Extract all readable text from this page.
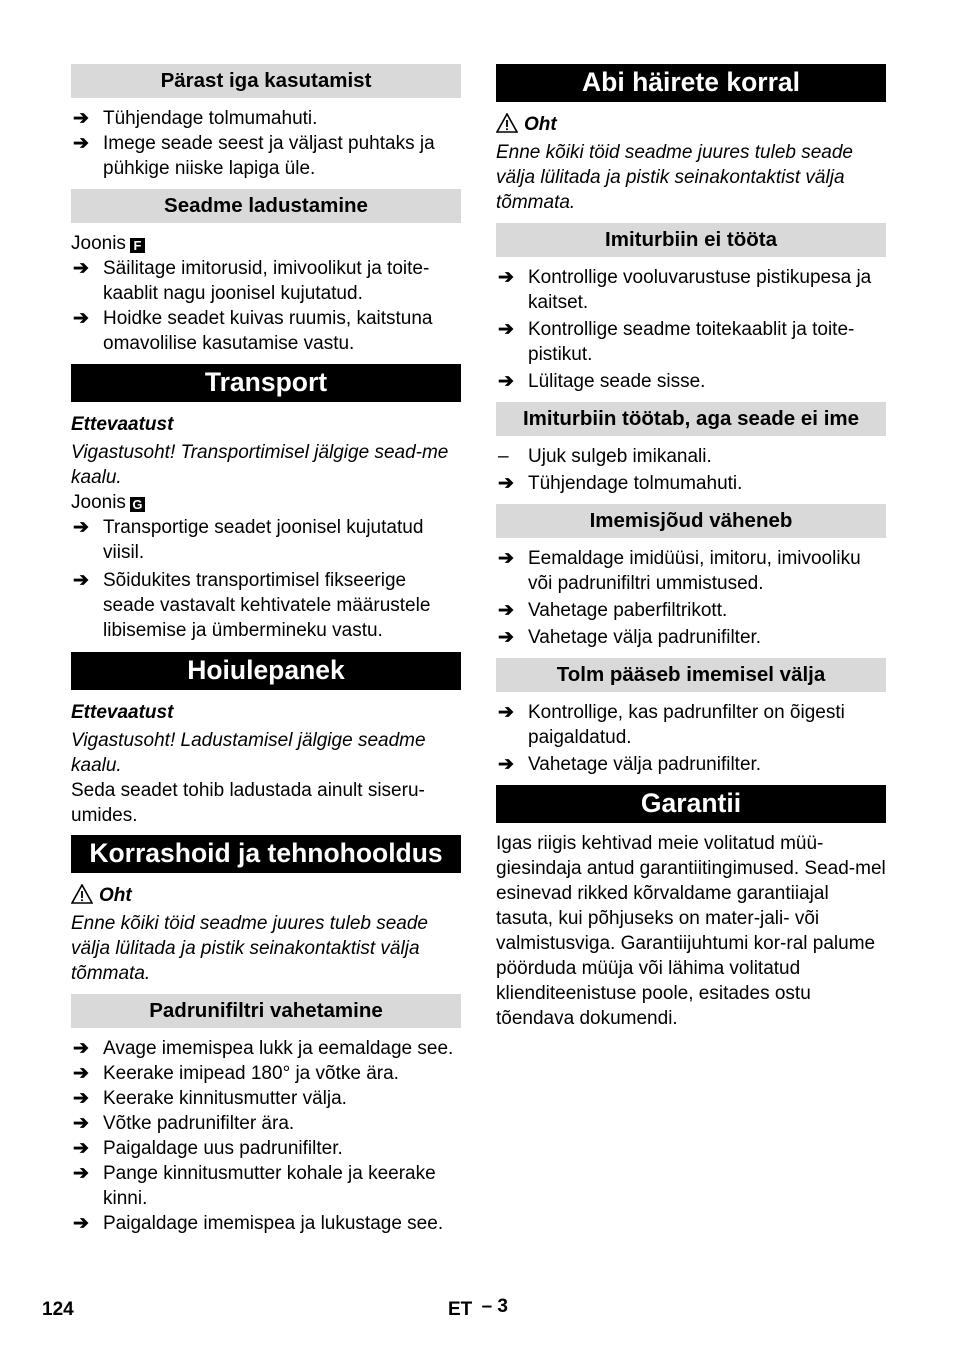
Pärast iga kasutamist
➔ Tühjendage tolmumahuti.
➔ Imege seade seest ja väljast puhtaks ja pühkige niiske lapiga üle.
Seadme ladustamine

Joonis F

➔ Säilitage imitorusid, imivoolikut ja toite-kaablit nagu joonisel kujutatud.
➔ Hoidke seadet kuivas ruumis, kaitstuna omavolilise kasutamise vastu.
Transport

Ettevaatust

Vigastusoht! Transportimisel jälgige sead-me kaalu.

Joonis G

➔ Transportige seadet joonisel kujutatud viisil.
➔ Sõidukites transportimisel fikseerige seade vastavalt kehtivatele määrustele libisemise ja ümbermineku vastu.
Hoiulepanek

Ettevaatust

Vigastusoht! Ladustamisel jälgige seadme kaalu.

Seda seadet tohib ladustada ainult siseru-umides.

Korrashoid ja tehnohooldus

Oht

Enne kõiki töid seadme juures tuleb seade välja lülitada ja pistik seinakontaktist välja tõmmata.

Padrunifiltri vahetamine
➔ Avage imemispea lukk ja eemaldage see.
➔ Keerake imipead 180° ja võtke ära.
➔ Keerake kinnitusmutter välja.
➔ Võtke padrunifilter ära.
➔ Paigaldage uus padrunifilter.
➔ Pange kinnitusmutter kohale ja keerake kinni.
➔ Paigaldage imemispea ja lukustage see.
Abi häirete korral

Oht

Enne kõiki töid seadme juures tuleb seade välja lülitada ja pistik seinakontaktist välja tõmmata.

Imiturbiin ei tööta
➔ Kontrollige vooluvarustuse pistikupesa ja kaitset.
➔ Kontrollige seadme toitekaablit ja toite-pistikut.
➔ Lülitage seade sisse.
Imiturbiin töötab, aga seade ei ime
– Ujuk sulgeb imikanali.
➔ Tühjendage tolmumahuti.
Imemisjõud väheneb
➔ Eemaldage imidüüsi, imitoru, imivooliku või padrunifiltri ummistused.
➔ Vahetage paberfiltrikott.
➔ Vahetage välja padrunifilter.
Tolm pääseb imemisel välja
➔ Kontrollige, kas padrunfilter on õigesti paigaldatud.
➔ Vahetage välja padrunifilter.
Garantii

Igas riigis kehtivad meie volitatud müü-giesindaja antud garantiitingimused. Sead-mel esinevad rikked kõrvaldame garantiiajal tasuta, kui põhjuseks on mater-jali- või valmistusviga. Garantiijuhtumi kor-ral palume pöörduda müüja või lähima volitatud klienditeenistuse poole, esitades ostu tõendava dokumendi.

124	ET – 3
